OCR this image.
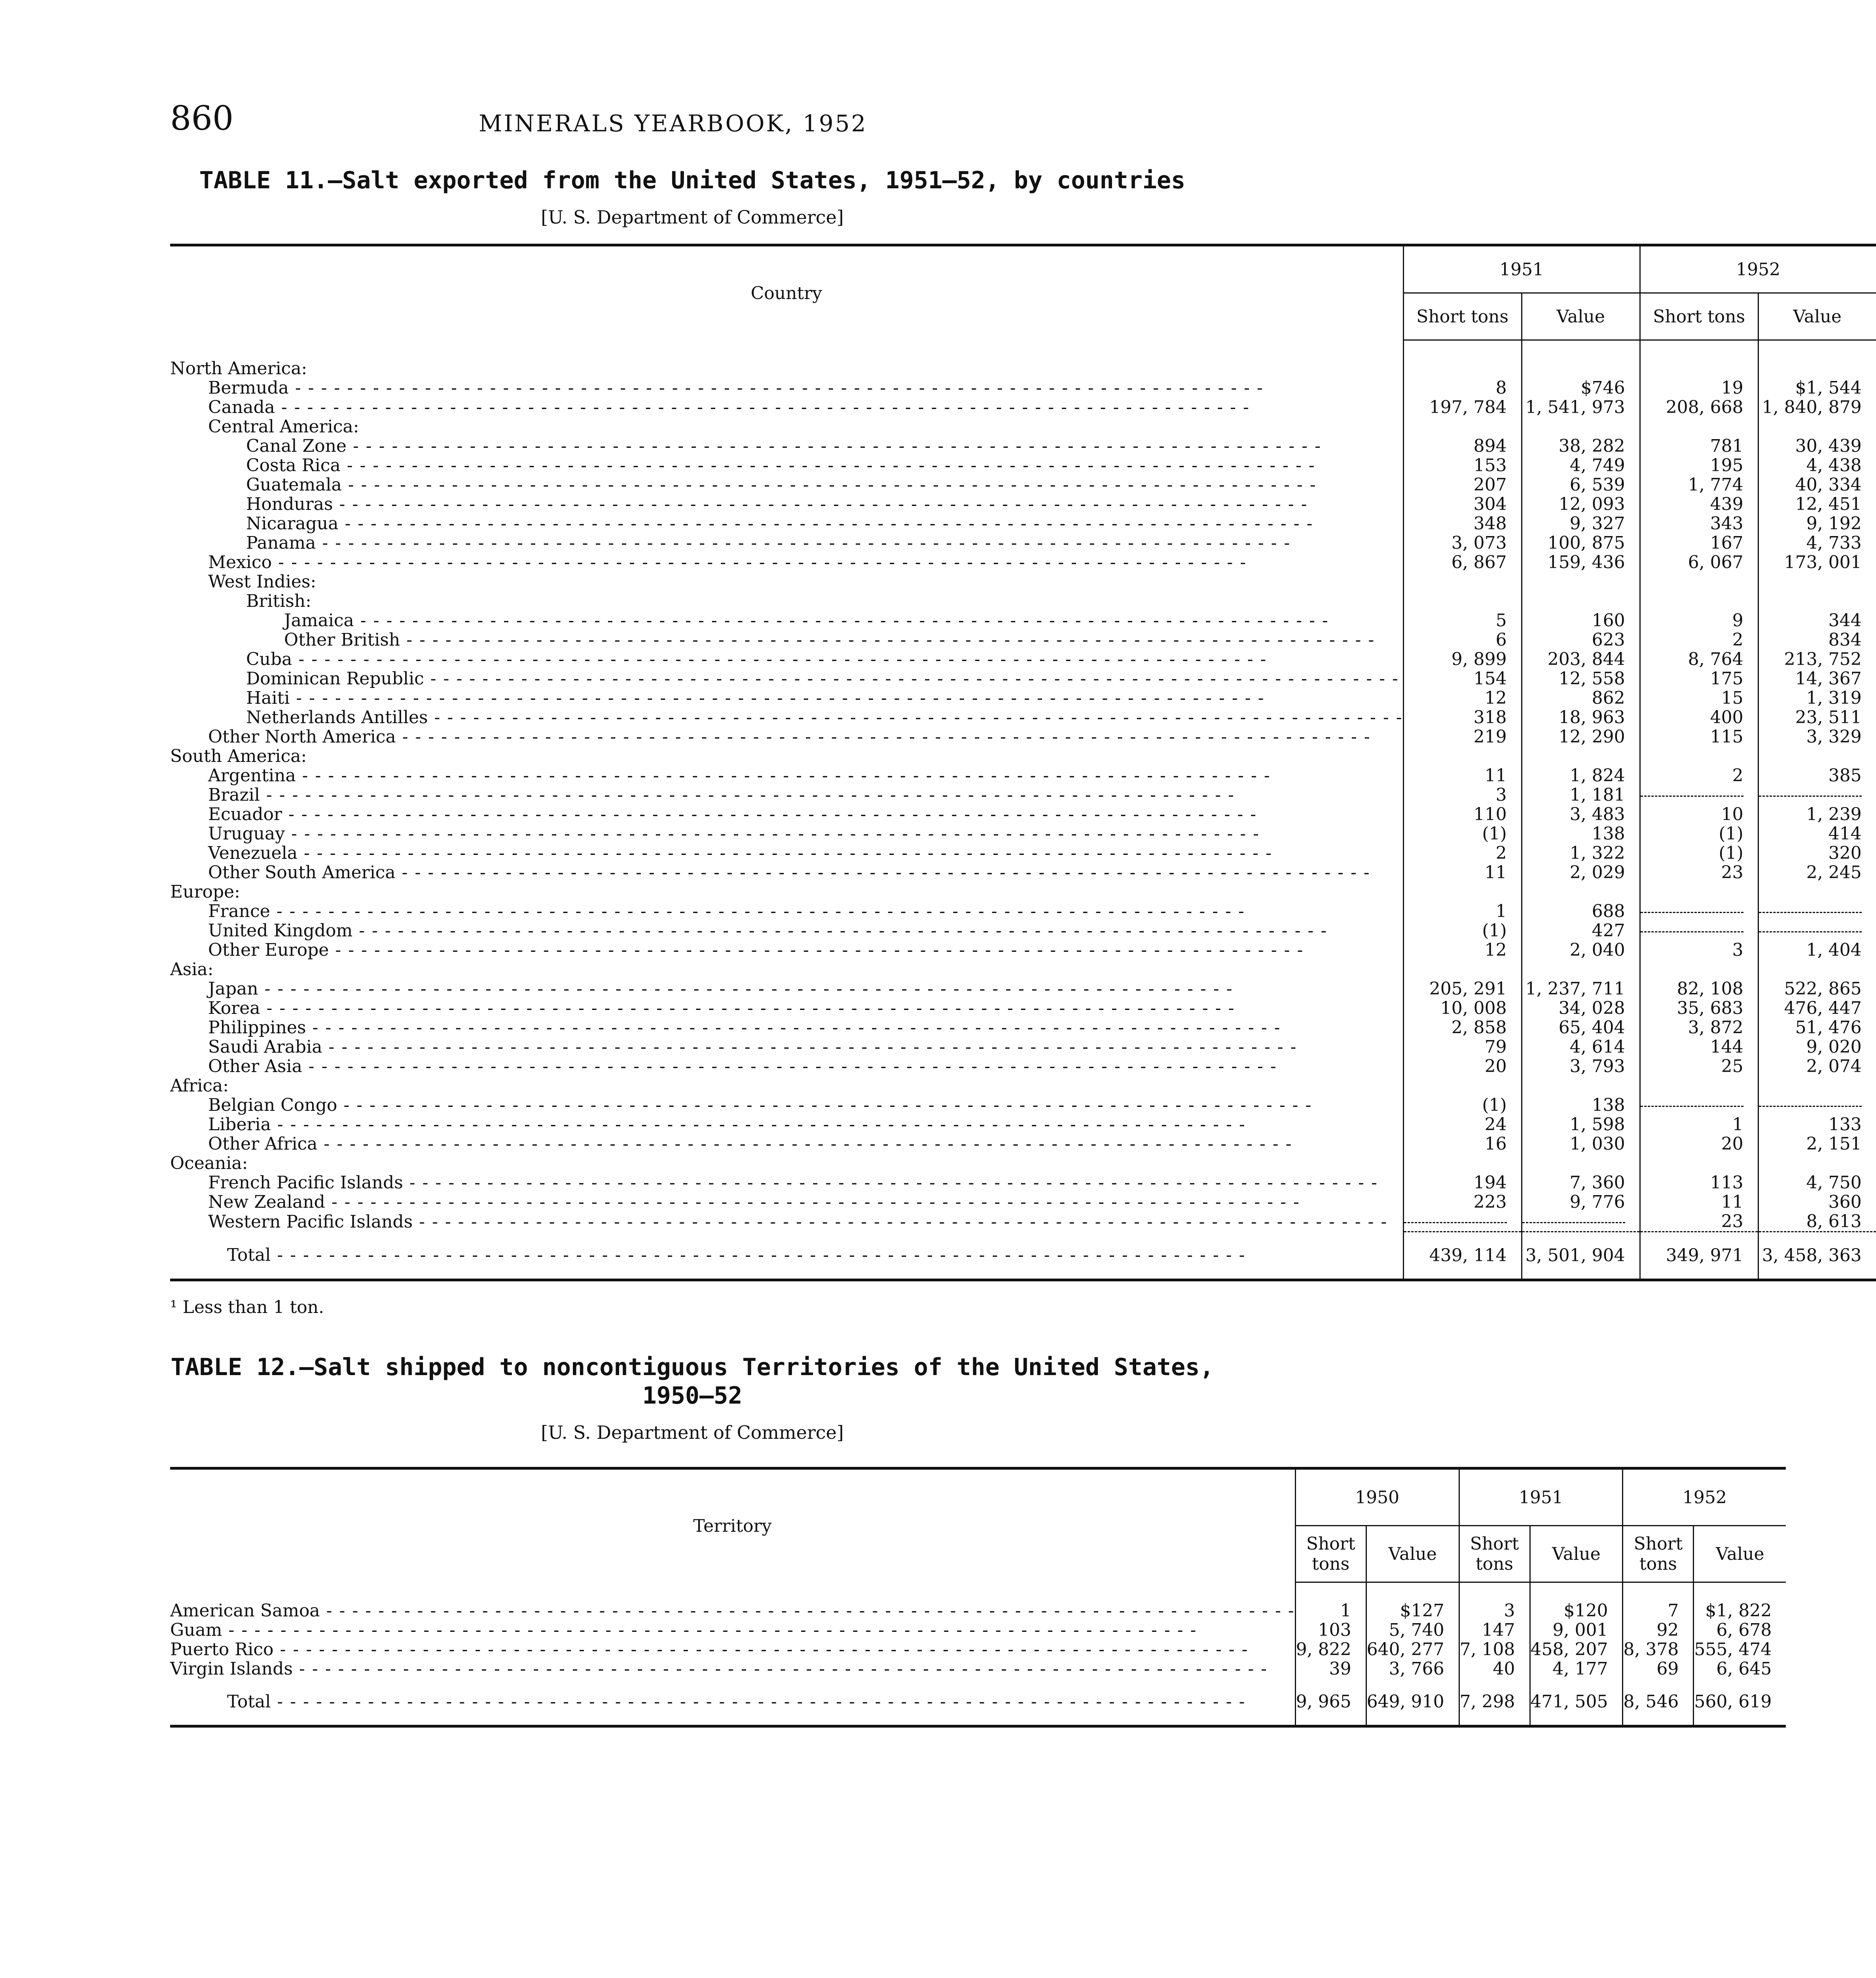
860	MINERALS YEARBOOK, 1952
TABLE 11.—Salt exported from the United States, 1951–52, by countries
[U. S. Department of Commerce]
Country	1951		1952	
	Short tons	Value	Short tons	Value

North America:				
Bermuda - - -	8	$746	19	$1, 544
Canada - - -	197, 784	1, 541, 973	208, 668	1, 840, 879
Central America:				
Canal Zone - - -	894	38, 282	781	30, 439
Costa Rica - - -	153	4, 749	195	4, 438
Guatemala - - -	207	6, 539	1, 774	40, 334
Honduras - - -	304	12, 093	439	12, 451
Nicaragua - - -	348	9, 327	343	9, 192
Panama - - -	3, 073	100, 875	167	4, 733
Mexico - - -	6, 867	159, 436	6, 067	173, 001
West Indies:				
British:				
Jamaica - - -	5	160	9	344
Other British - - -	6	623	2	834
Cuba - - -	9, 899	203, 844	8, 764	213, 752
Dominican Republic - - -	154	12, 558	175	14, 367
Haiti - - -	12	862	15	1, 319
Netherlands Antilles - - -	318	18, 963	400	23, 511
Other North America - - -	219	12, 290	115	3, 329
South America:				
Argentina - - -	11	1, 824	2	385
Brazil - - -	3	1, 181		
Ecuador - - -	110	3, 483	10	1, 239
Uruguay - - -	(1)	138	(1)	414
Venezuela - - -	2	1, 322	(1)	320
Other South America - - -	11	2, 029	23	2, 245
Europe:				
France - - -	1	688		
United Kingdom - - -	(1)	427		
Other Europe - - -	12	2, 040	3	1, 404
Asia:				
Japan - - -	205, 291	1, 237, 711	82, 108	522, 865
Korea - - -	10, 008	34, 028	35, 683	476, 447
Philippines - - -	2, 858	65, 404	3, 872	51, 476
Saudi Arabia - - -	79	4, 614	144	9, 020
Other Asia - - -	20	3, 793	25	2, 074
Africa:				
Belgian Congo - - -	(1)	138		
Liberia - - -	24	1, 598	1	133
Other Africa - - -	16	1, 030	20	2, 151
Oceania:				
French Pacific Islands - - -	194	7, 360	113	4, 750
New Zealand - - -	223	9, 776	11	360
Western Pacific Islands - - -			23	8, 613
Total - - -	439, 114	3, 501, 904	349, 971	3, 458, 363
¹ Less than 1 ton.
TABLE 12.—Salt shipped to noncontiguous Territories of the United States,
1950–52
[U. S. Department of Commerce]
Territory	1950		1951		1952	
	Short tons	Value	Short tons	Value	Short tons	Value

American Samoa - - -	1	$127	3	$120	7	$1, 822
Guam - - -	103	5, 740	147	9, 001	92	6, 678
Puerto Rico - - -	9, 822	640, 277	7, 108	458, 207	8, 378	555, 474
Virgin Islands - - -	39	3, 766	40	4, 177	69	6, 645
Total - - -	9, 965	649, 910	7, 298	471, 505	8, 546	560, 619
